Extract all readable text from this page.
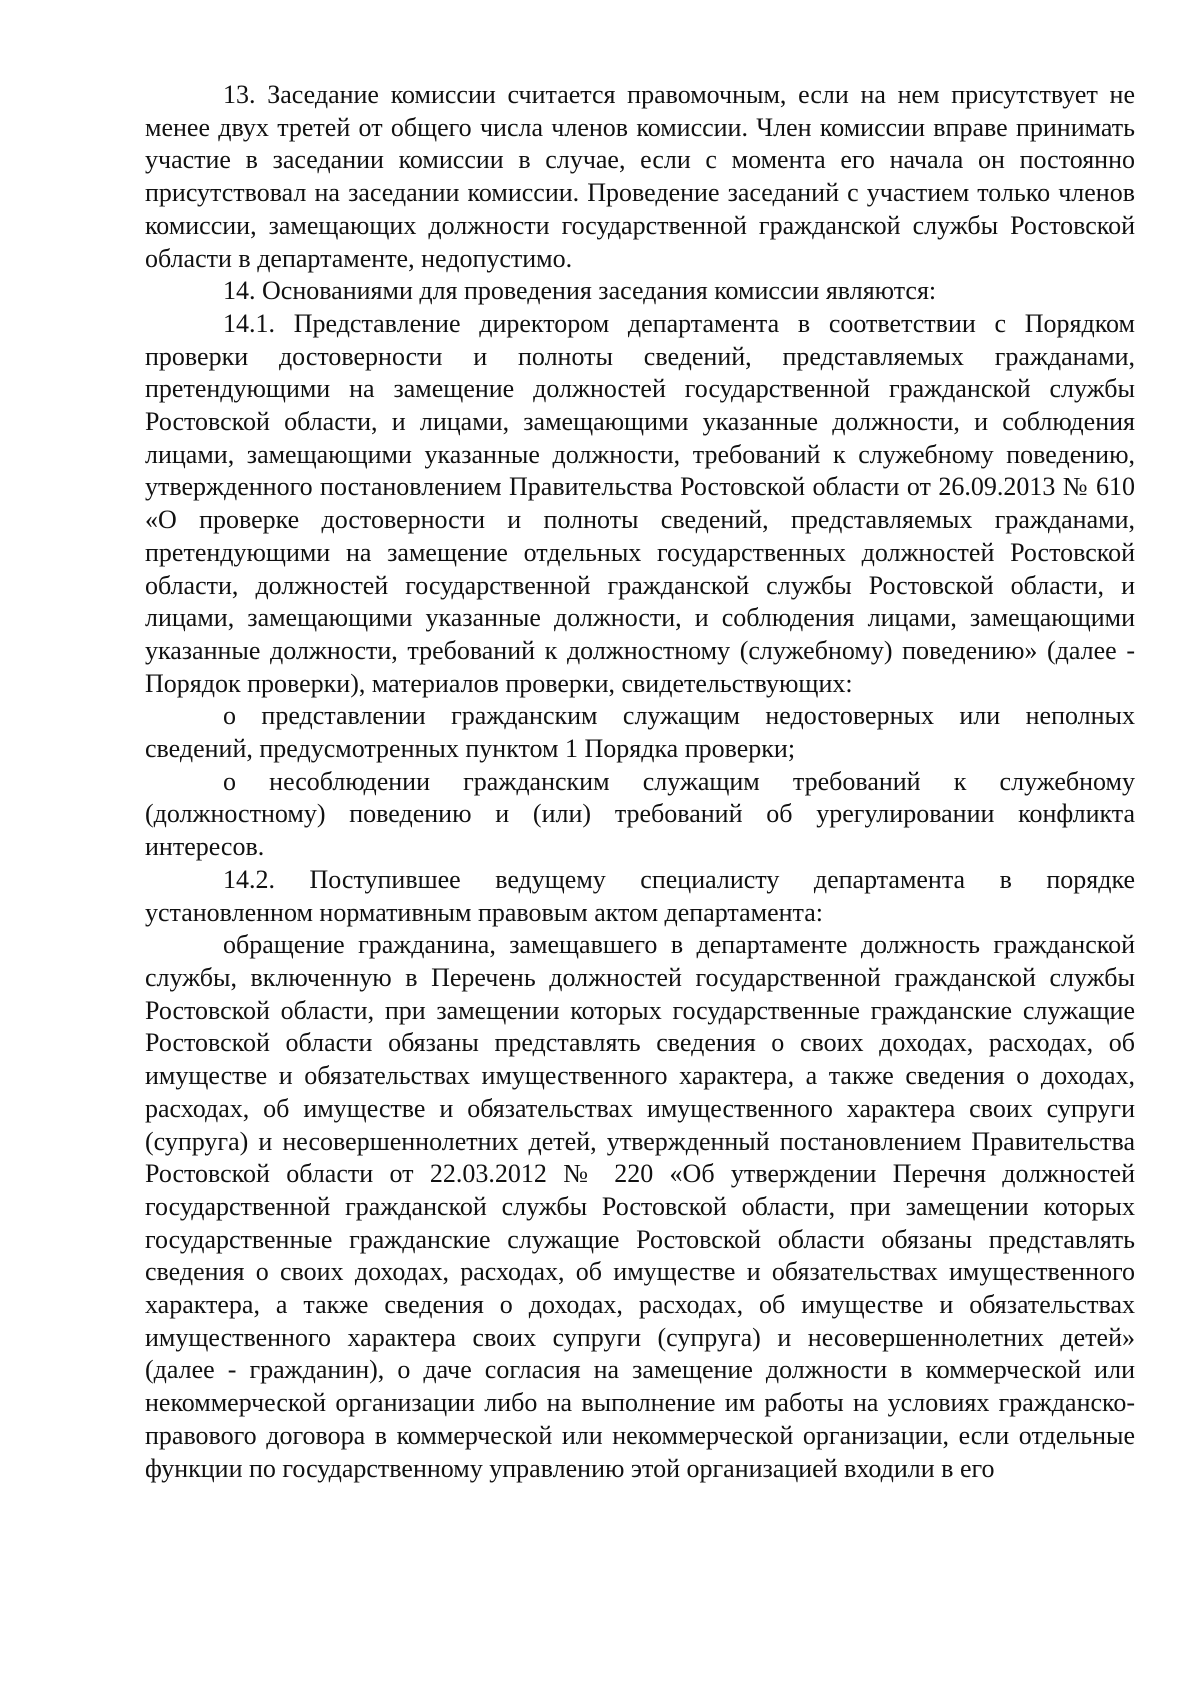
13. Заседание комиссии считается правомочным, если на нем присутствует не менее двух третей от общего числа членов комиссии. Член комиссии вправе принимать участие в заседании комиссии в случае, если с момента его начала он постоянно присутствовал на заседании комиссии. Проведение заседаний с участием только членов комиссии, замещающих должности государственной гражданской службы Ростовской области в департаменте, недопустимо.

14. Основаниями для проведения заседания комиссии являются:

14.1. Представление директором департамента в соответствии с Порядком проверки достоверности и полноты сведений, представляемых гражданами, претендующими на замещение должностей государственной гражданской службы Ростовской области, и лицами, замещающими указанные должности, и соблюдения лицами, замещающими указанные должности, требований к служебному поведению, утвержденного постановлением Правительства Ростовской области от 26.09.2013 № 610 «О проверке достоверности и полноты сведений, представляемых гражданами, претендующими на замещение отдельных государственных должностей Ростовской области, должностей государственной гражданской службы Ростовской области, и лицами, замещающими указанные должности, и соблюдения лицами, замещающими указанные должности, требований к должностному (служебному) поведению» (далее - Порядок проверки), материалов проверки, свидетельствующих:

о представлении гражданским служащим недостоверных или неполных сведений, предусмотренных пунктом 1 Порядка проверки;

о несоблюдении гражданским служащим требований к служебному (должностному) поведению и (или) требований об урегулировании конфликта интересов.

14.2. Поступившее ведущему специалисту департамента в порядке установленном нормативным правовым актом департамента:

обращение гражданина, замещавшего в департаменте должность гражданской службы, включенную в Перечень должностей государственной гражданской службы Ростовской области, при замещении которых государственные гражданские служащие Ростовской области обязаны представлять сведения о своих доходах, расходах, об имуществе и обязательствах имущественного характера, а также сведения о доходах, расходах, об имуществе и обязательствах имущественного характера своих супруги (супруга) и несовершеннолетних детей, утвержденный постановлением Правительства Ростовской области от 22.03.2012 № 220 «Об утверждении Перечня должностей государственной гражданской службы Ростовской области, при замещении которых государственные гражданские служащие Ростовской области обязаны представлять сведения о своих доходах, расходах, об имуществе и обязательствах имущественного характера, а также сведения о доходах, расходах, об имуществе и обязательствах имущественного характера своих супруги (супруга) и несовершеннолетних детей» (далее - гражданин), о даче согласия на замещение должности в коммерческой или некоммерческой организации либо на выполнение им работы на условиях гражданско-правового договора в коммерческой или некоммерческой организации, если отдельные функции по государственному управлению этой организацией входили в его
